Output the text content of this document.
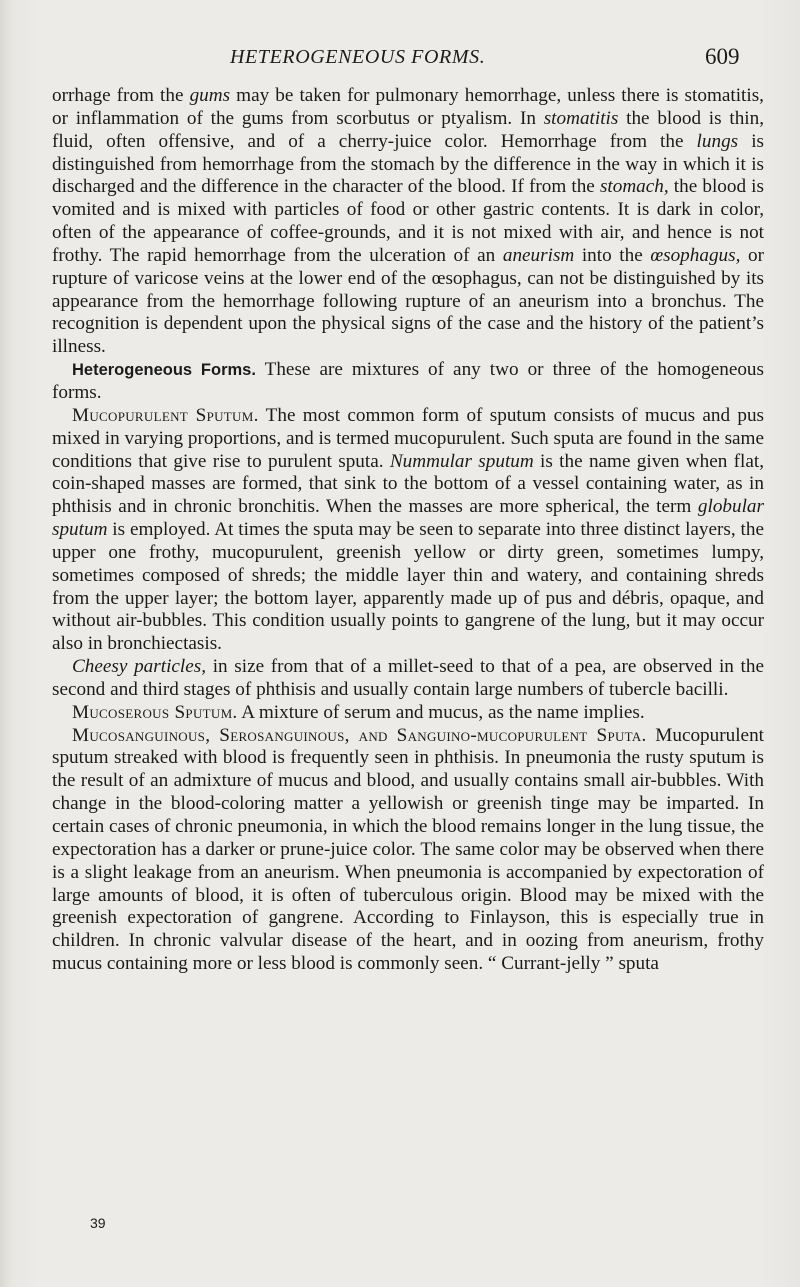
HETEROGENEOUS FORMS.	609

orrhage from the gums may be taken for pulmonary hemorrhage, unless there is stomatitis, or inflammation of the gums from scorbutus or ptyalism. In stomatitis the blood is thin, fluid, often offensive, and of a cherry-juice color. Hemorrhage from the lungs is distinguished from hemorrhage from the stomach by the difference in the way in which it is discharged and the difference in the character of the blood. If from the stomach, the blood is vomited and is mixed with particles of food or other gastric contents. It is dark in color, often of the appearance of coffee-grounds, and it is not mixed with air, and hence is not frothy. The rapid hemorrhage from the ulceration of an aneurism into the œsophagus, or rupture of varicose veins at the lower end of the œsophagus, can not be distinguished by its appearance from the hemorrhage following rupture of an aneurism into a bronchus. The recognition is dependent upon the physical signs of the case and the history of the patient’s illness.

Heterogeneous Forms. These are mixtures of any two or three of the homogeneous forms.

Mucopurulent Sputum. The most common form of sputum consists of mucus and pus mixed in varying proportions, and is termed mucopurulent. Such sputa are found in the same conditions that give rise to purulent sputa. Nummular sputum is the name given when flat, coin-shaped masses are formed, that sink to the bottom of a vessel containing water, as in phthisis and in chronic bronchitis. When the masses are more spherical, the term globular sputum is employed. At times the sputa may be seen to separate into three distinct layers, the upper one frothy, mucopurulent, greenish yellow or dirty green, sometimes lumpy, sometimes composed of shreds; the middle layer thin and watery, and containing shreds from the upper layer; the bottom layer, apparently made up of pus and débris, opaque, and without air-bubbles. This condition usually points to gangrene of the lung, but it may occur also in bronchiectasis.

Cheesy particles, in size from that of a millet-seed to that of a pea, are observed in the second and third stages of phthisis and usually contain large numbers of tubercle bacilli.

Mucoserous Sputum. A mixture of serum and mucus, as the name implies.

Mucosanguinous, Serosanguinous, and Sanguino-mucopurulent Sputa. Mucopurulent sputum streaked with blood is frequently seen in phthisis. In pneumonia the rusty sputum is the result of an admixture of mucus and blood, and usually contains small air-bubbles. With change in the blood-coloring matter a yellowish or greenish tinge may be imparted. In certain cases of chronic pneumonia, in which the blood remains longer in the lung tissue, the expectoration has a darker or prune-juice color. The same color may be observed when there is a slight leakage from an aneurism. When pneumonia is accompanied by expectoration of large amounts of blood, it is often of tuberculous origin. Blood may be mixed with the greenish expectoration of gangrene. According to Finlayson, this is especially true in children. In chronic valvular disease of the heart, and in oozing from aneurism, frothy mucus containing more or less blood is commonly seen. “ Currant-jelly ” sputa

39
